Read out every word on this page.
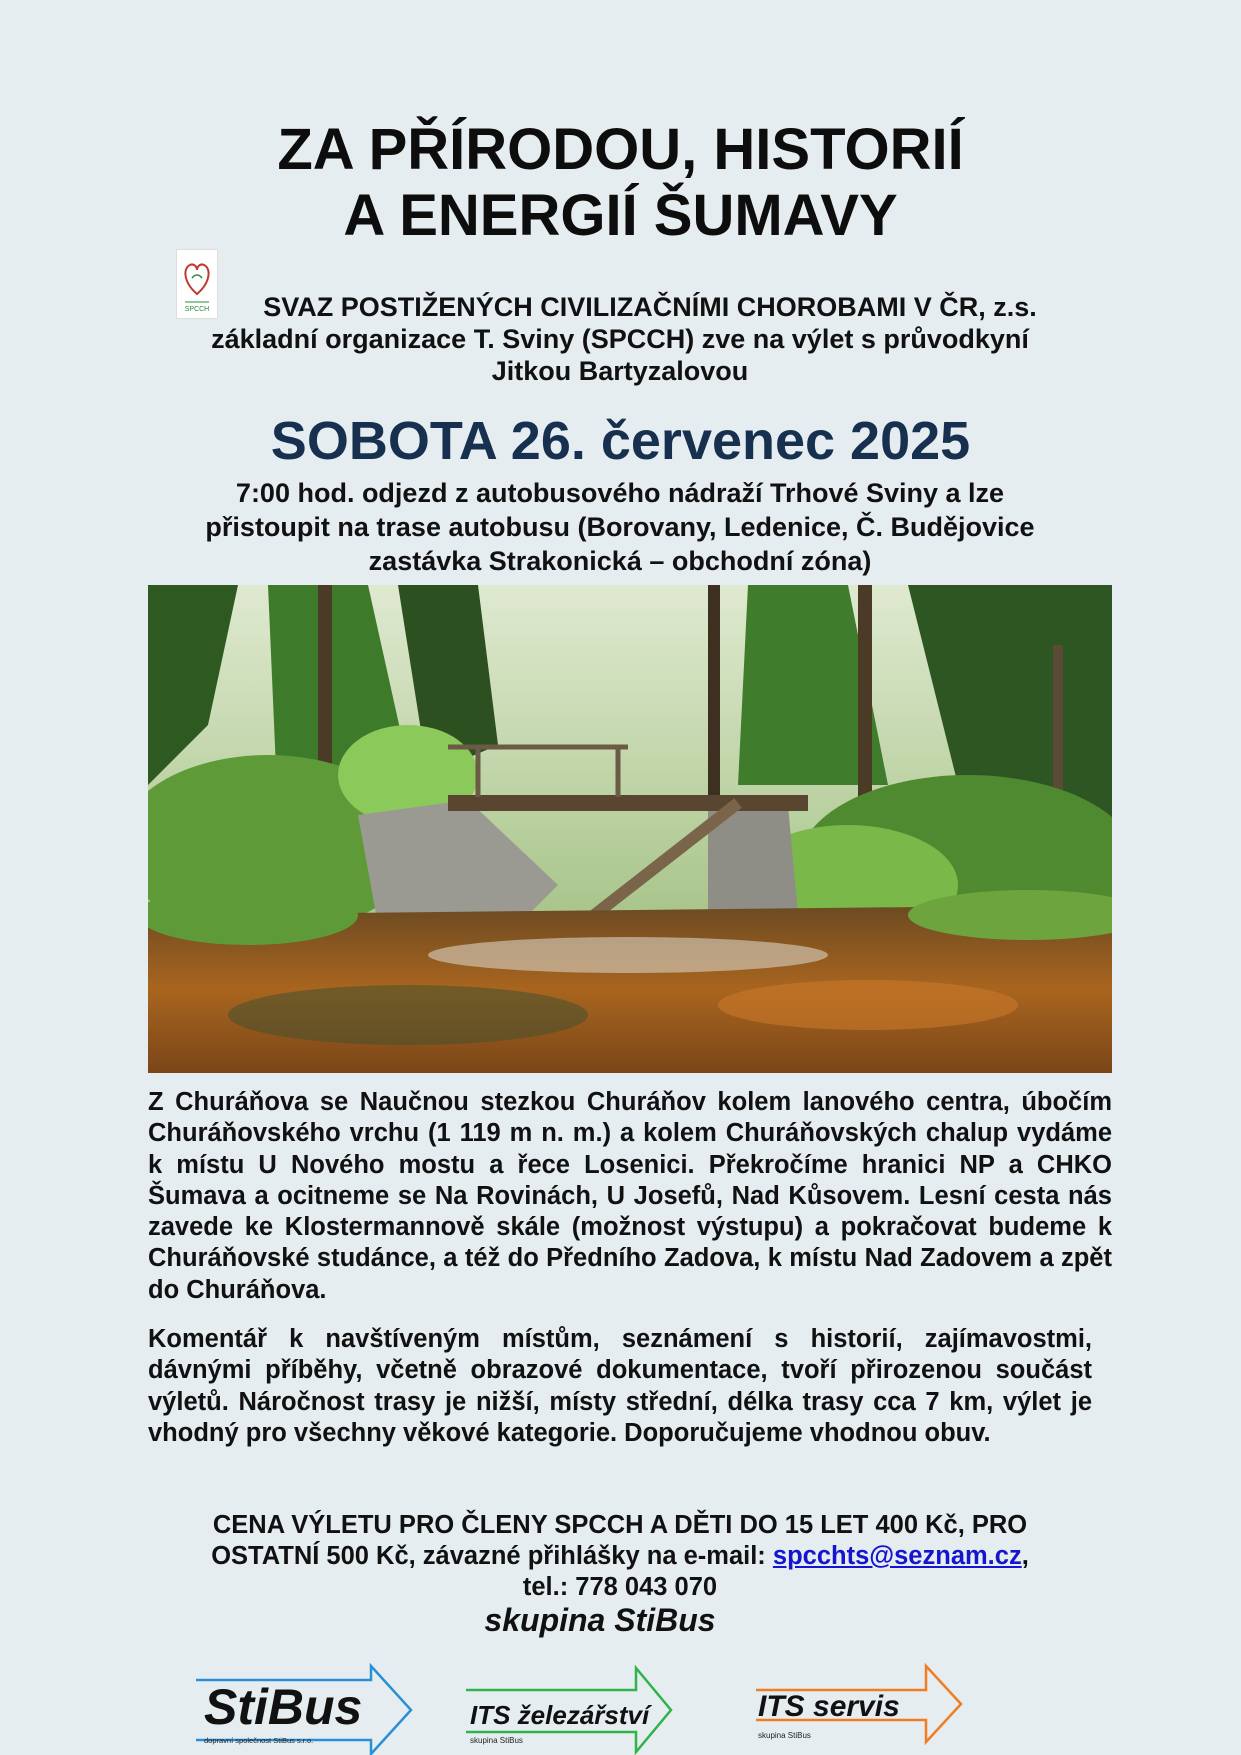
ZA PŘÍRODOU, HISTORIÍ
A ENERGIÍ ŠUMAVY
SPCCH	SVAZ POSTIŽENÝCH CIVILIZAČNÍMI CHOROBAMI V ČR, z.s.
základní organizace T. Sviny (SPCCH) zve na výlet s průvodkyní
Jitkou Bartyzalovou
SOBOTA 26. červenec 2025
7:00 hod. odjezd z autobusového nádraží Trhové Sviny a lze
přistoupit na trase autobusu (Borovany, Ledenice, Č. Budějovice
zastávka Strakonická – obchodní zóna)
Z Churáňova se Naučnou stezkou Churáňov kolem lanového centra, úbočím Churáňovského vrchu (1 119 m n. m.) a kolem Churáňovských chalup vydáme k místu U Nového mostu a řece Losenici. Překročíme hranici NP a CHKO Šumava a ocitneme se Na Rovinách, U Josefů, Nad Kůsovem. Lesní cesta nás zavede ke Klostermannově skále (možnost výstupu) a pokračovat budeme k Churáňovské studánce, a též do Předního Zadova, k místu Nad Zadovem a zpět do Churáňova.
Komentář k navštíveným místům, seznámení s historií, zajímavostmi, dávnými příběhy, včetně obrazové dokumentace, tvoří přirozenou součást výletů. Náročnost trasy je nižší, místy střední, délka trasy cca 7 km, výlet je vhodný pro všechny věkové kategorie. Doporučujeme vhodnou obuv.
CENA VÝLETU PRO ČLENY SPCCH A DĚTI DO 15 LET 400 Kč, PRO
OSTATNÍ 500 Kč, závazné přihlášky na e-mail: spcchts@seznam.cz,
tel.: 778 043 070
skupina StiBus
StiBus
dopravní společnost StiBus s.r.o.
ITS železářství
skupina StiBus
ITS servis
skupina StiBus
